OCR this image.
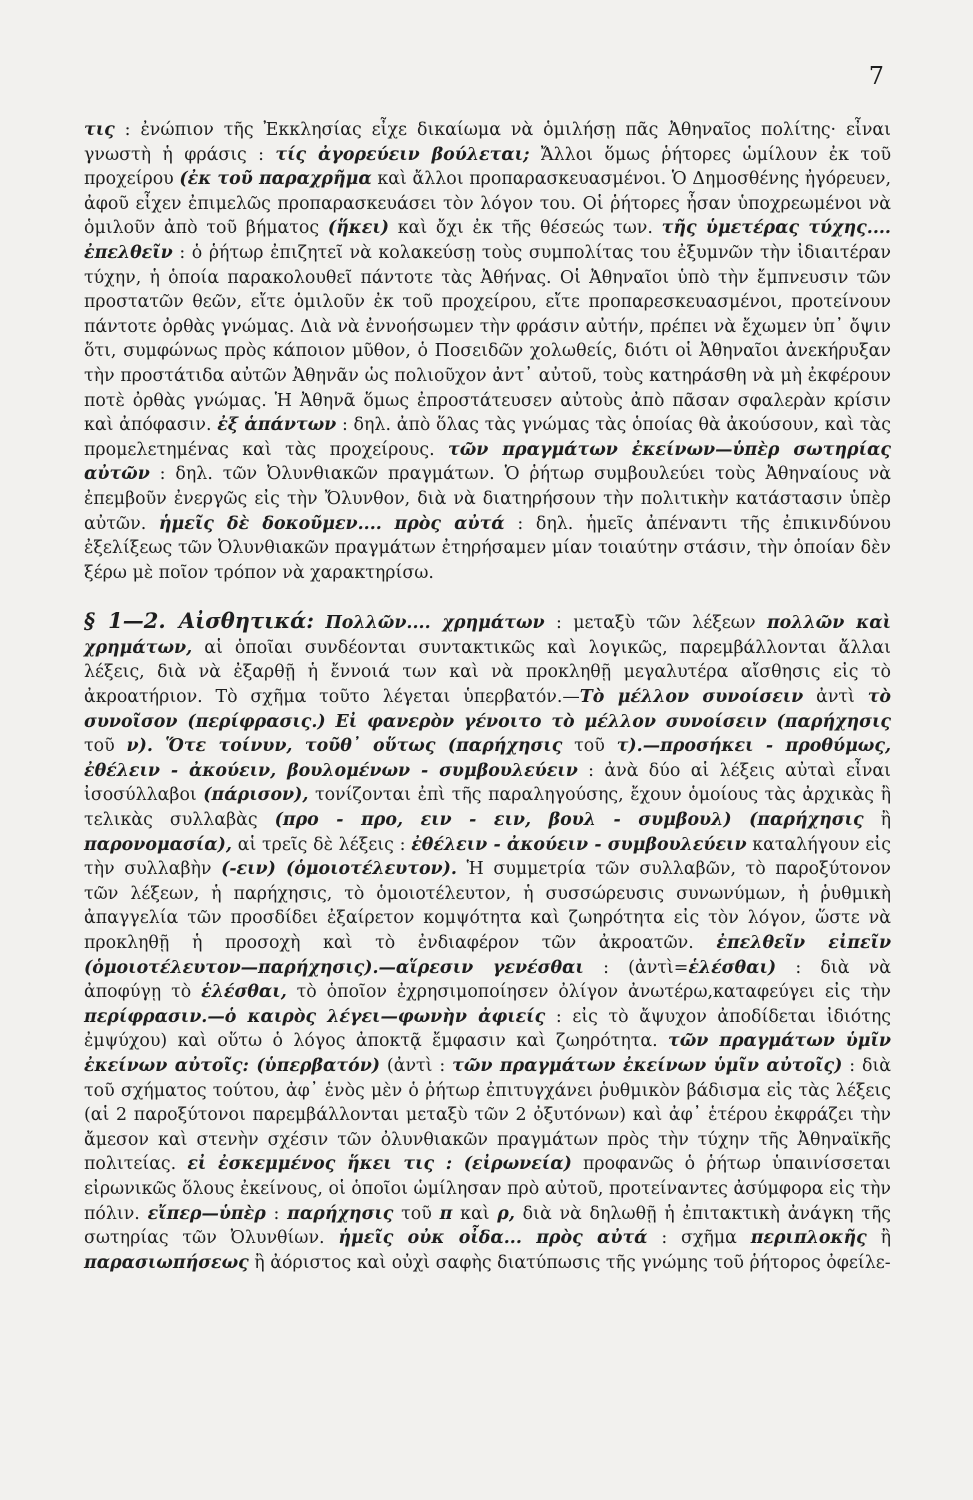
7

τις : ἐνώπιον τῆς Ἐκκλησίας εἶχε δικαίωμα νὰ ὁμιλήσῃ πᾶς Ἀθηναῖος πολίτης· εἶναι γνωστὴ ἡ φράσις : τίς ἀγορεύειν βούλεται; Ἄλλοι ὅμως ῥήτορες ὡμίλουν ἐκ τοῦ προχείρου (ἐκ τοῦ παραχρῆμα καὶ ἄλλοι προπαρασκευασμένοι. Ὁ Δημοσθένης ἠγόρευεν, ἀφοῦ εἶχεν ἐπιμελῶς προπαρασκευάσει τὸν λόγον του. Οἱ ῥήτορες ἦσαν ὑποχρεωμένοι νὰ ὁμιλοῦν ἀπὸ τοῦ βήματος (ἥκει) καὶ ὄχι ἐκ τῆς θέσεώς των. τῆς ὑμετέρας τύχης.... ἐπελθεῖν : ὁ ῥήτωρ ἐπιζητεῖ νὰ κολακεύσῃ τοὺς συμπολίτας του ἐξυμνῶν τὴν ἰδιαιτέραν τύχην, ἡ ὁποία παρακολουθεῖ πάντοτε τὰς Ἀθήνας. Οἱ Ἀθηναῖοι ὑπὸ τὴν ἔμπνευσιν τῶν προστατῶν θεῶν, εἴτε ὁμιλοῦν ἐκ τοῦ προχείρου, εἴτε προπαρεσκευασμένοι, προτείνουν πάντοτε ὀρθὰς γνώμας. Διὰ νὰ ἐννοήσωμεν τὴν φράσιν αὐτήν, πρέπει νὰ ἔχωμεν ὑπ᾽ ὄψιν ὅτι, συμφώνως πρὸς κάποιον μῦθον, ὁ Ποσειδῶν χολωθείς, διότι οἱ Ἀθηναῖοι ἀνεκήρυξαν τὴν προστάτιδα αὐτῶν Ἀθηνᾶν ὡς πολιοῦχον ἀντ᾽ αὐτοῦ, τοὺς κατηράσθη νὰ μὴ ἐκφέρουν ποτὲ ὀρθὰς γνώμας. Ἡ Ἀθηνᾶ ὅμως ἐπροστάτευσεν αὐτοὺς ἀπὸ πᾶσαν σφαλερὰν κρίσιν καὶ ἀπόφασιν. ἐξ ἁπάντων : δηλ. ἀπὸ ὅλας τὰς γνώμας τὰς ὁποίας θὰ ἀκούσουν, καὶ τὰς προμελετημένας καὶ τὰς προχείρους. τῶν πραγμάτων ἐκείνων—ὑπὲρ σωτηρίας αὐτῶν : δηλ. τῶν Ὀλυνθιακῶν πραγμάτων. Ὁ ῥήτωρ συμβουλεύει τοὺς Ἀθηναίους νὰ ἐπεμβοῦν ἐνεργῶς εἰς τὴν Ὄλυνθον, διὰ νὰ διατηρήσουν τὴν πολιτικὴν κατάστασιν ὑπὲρ αὐτῶν. ἡμεῖς δὲ δοκοῦμεν.... πρὸς αὐτά : δηλ. ἡμεῖς ἀπέναντι τῆς ἐπικινδύνου ἐξελίξεως τῶν Ὀλυνθιακῶν πραγμάτων ἐτηρήσαμεν μίαν τοιαύτην στάσιν, τὴν ὁποίαν δὲν ξέρω μὲ ποῖον τρόπον νὰ χαρακτηρίσω.

§ 1—2. Αἰσθητικά: Πολλῶν.... χρημάτων : μεταξὺ τῶν λέξεων πολλῶν καὶ χρημάτων, αἱ ὁποῖαι συνδέονται συντακτικῶς καὶ λογικῶς, παρεμβάλλονται ἄλλαι λέξεις, διὰ νὰ ἐξαρθῇ ἡ ἔννοιά των καὶ νὰ προκληθῇ μεγαλυτέρα αἴσθησις εἰς τὸ ἀκροατήριον. Τὸ σχῆμα τοῦτο λέγεται ὑπερβατόν.—Τὸ μέλλον συνοίσειν ἀντὶ τὸ συνοῖσον (περίφρασις.) Εἰ φανερὸν γένοιτο τὸ μέλλον συνοίσειν (παρήχησις τοῦ ν). Ὅτε τοίνυν, τοῦθ᾽ οὕτως (παρήχησις τοῦ τ).—προσήκει - προθύμως, ἐθέλειν - ἀκούειν, βουλομένων - συμβουλεύειν : ἀνὰ δύο αἱ λέξεις αὐταὶ εἶναι ἰσοσύλλαβοι (πάρισον), τονίζονται ἐπὶ τῆς παραληγούσης, ἔχουν ὁμοίους τὰς ἀρχικὰς ἢ τελικὰς συλλαβὰς (προ - προ, ειν - ειν, βουλ - συμβουλ) (παρήχησις ἢ παρονομασία), αἱ τρεῖς δὲ λέξεις : ἐθέλειν - ἀκούειν - συμβουλεύειν καταλήγουν εἰς τὴν συλλαβὴν (-ειν) (ὁμοιοτέλευτον). Ἡ συμμετρία τῶν συλλαβῶν, τὸ παροξύτονον τῶν λέξεων, ἡ παρήχησις, τὸ ὁμοιοτέλευτον, ἡ συσσώρευσις συνωνύμων, ἡ ῥυθμικὴ ἀπαγγελία τῶν προσδίδει ἐξαίρετον κομψότητα καὶ ζωηρότητα εἰς τὸν λόγον, ὥστε νὰ προκληθῇ ἡ προσοχὴ καὶ τὸ ἐνδιαφέρον τῶν ἀκροατῶν. ἐπελθεῖν εἰπεῖν (ὁμοιοτέλευτον—παρήχησις).—αἵρεσιν γενέσθαι : (ἀντὶ=ἑλέσθαι) : διὰ νὰ ἀποφύγῃ τὸ ἑλέσθαι, τὸ ὁποῖον ἐχρησιμοποίησεν ὀλίγον ἀνωτέρω,καταφεύγει εἰς τὴν περίφρασιν.—ὁ καιρὸς λέγει—φωνὴν ἀφιείς : εἰς τὸ ἄψυχον ἀποδίδεται ἰδιότης ἐμψύχου) καὶ οὕτω ὁ λόγος ἀποκτᾷ ἔμφασιν καὶ ζωηρότητα. τῶν πραγμάτων ὑμῖν ἐκείνων αὐτοῖς: (ὑπερβατόν) (ἀντὶ : τῶν πραγμάτων ἐκείνων ὑμῖν αὐτοῖς) : διὰ τοῦ σχήματος τούτου, ἀφ᾽ ἑνὸς μὲν ὁ ῥήτωρ ἐπιτυγχάνει ῥυθμικὸν βάδισμα εἰς τὰς λέξεις (αἱ 2 παροξύτονοι παρεμβάλλονται μεταξὺ τῶν 2 ὀξυτόνων) καὶ ἀφ᾽ ἑτέρου ἐκφράζει τὴν ἄμεσον καὶ στενὴν σχέσιν τῶν ὀλυνθιακῶν πραγμάτων πρὸς τὴν τύχην τῆς Ἀθηναϊκῆς πολιτείας. εἰ ἐσκεμμένος ἥκει τις : (εἰρωνεία) προφανῶς ὁ ῥήτωρ ὑπαινίσσεται εἰρωνικῶς ὅλους ἐκείνους, οἱ ὁποῖοι ὡμίλησαν πρὸ αὐτοῦ, προτείναντες ἀσύμφορα εἰς τὴν πόλιν. εἴπερ—ὑπὲρ : παρήχησις τοῦ π καὶ ρ, διὰ νὰ δηλωθῇ ἡ ἐπιτακτικὴ ἀνάγκη τῆς σωτηρίας τῶν Ὀλυνθίων. ἡμεῖς οὐκ οἶδα... πρὸς αὐτά : σχῆμα περιπλοκῆς ἢ παρασιωπήσεως ἢ ἀόριστος καὶ οὐχὶ σαφὴς διατύπωσις τῆς γνώμης τοῦ ῥήτορος ὀφείλε-
